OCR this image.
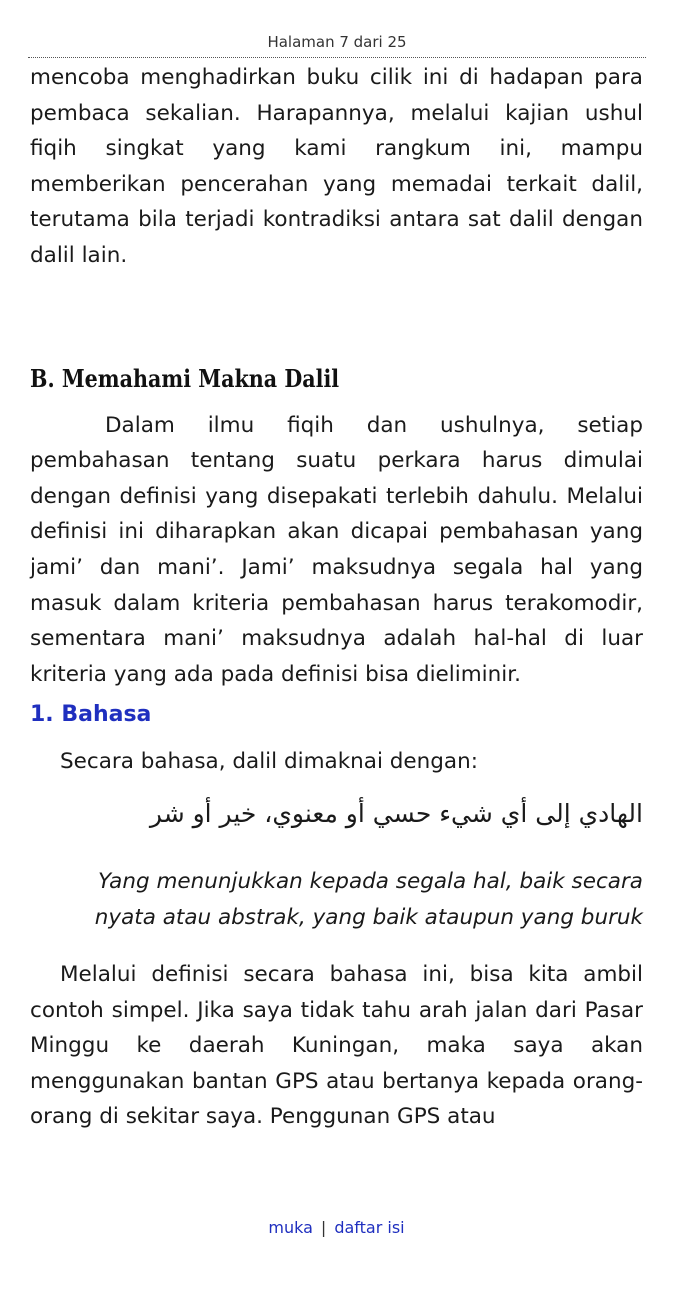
Halaman 7 dari 25

mencoba menghadirkan buku cilik ini di hadapan para pembaca sekalian. Harapannya, melalui kajian ushul fiqih singkat yang kami rangkum ini, mampu memberikan pencerahan yang memadai terkait dalil, terutama bila terjadi kontradiksi antara sat dalil dengan dalil lain.

B. Memahami Makna Dalil

Dalam ilmu fiqih dan ushulnya, setiap pembahasan tentang suatu perkara harus dimulai dengan definisi yang disepakati terlebih dahulu. Melalui definisi ini diharapkan akan dicapai pembahasan yang jami’ dan mani’. Jami’ maksudnya segala hal yang masuk dalam kriteria pembahasan harus terakomodir, sementara mani’ maksudnya adalah hal-hal di luar kriteria yang ada pada definisi bisa dieliminir.

1. Bahasa

Secara bahasa, dalil dimaknai dengan:

الهادي إلى أي شيء حسي أو معنوي، خير أو شر

Yang menunjukkan kepada segala hal, baik secara

nyata atau abstrak, yang baik ataupun yang buruk

Melalui definisi secara bahasa ini, bisa kita ambil contoh simpel. Jika saya tidak tahu arah jalan dari Pasar Minggu ke daerah Kuningan, maka saya akan menggunakan bantan GPS atau bertanya kepada orang-orang di sekitar saya. Penggunan GPS atau

muka | daftar isi
